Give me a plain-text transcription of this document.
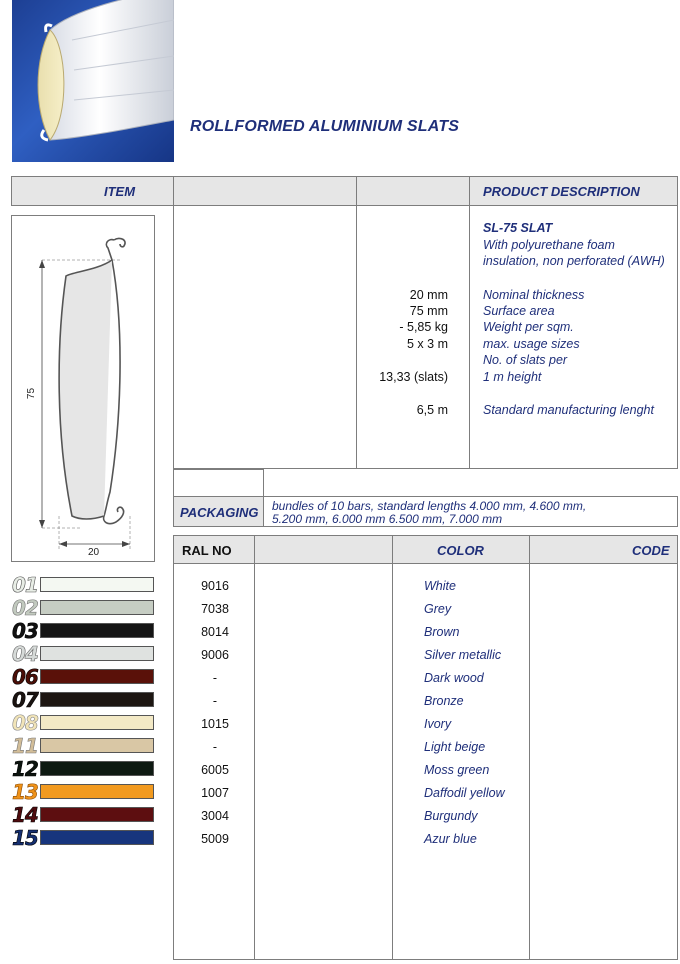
ROLLFORMED ALUMINIUM SLATS
ITEM	PRODUCT DESCRIPTION
SL-75 SLAT
With polyurethane foam
insulation, non perforated (AWH)
20 mm	Nominal thickness
75 mm	Surface area
- 5,85 kg	Weight per sqm.
5 x 3 m	max. usage sizes
No. of slats per
13,33 (slats)	1 m height
6,5 m	Standard manufacturing lenght
75
20
PACKAGING bundles of 10 bars, standard lengths 4.000 mm, 4.600 mm,
5.200 mm, 6.000 mm 6.500 mm, 7.000 mm
RAL NO	COLOR	CODE
01
02
03
04
06
07
08
11
12
13
14
15
9016	White
7038	Grey
8014	Brown
9006	Silver metallic
-	Dark wood
-	Bronze
1015	Ivory
-	Light beige
6005	Moss green
1007	Daffodil yellow
3004	Burgundy
5009	Azur blue
